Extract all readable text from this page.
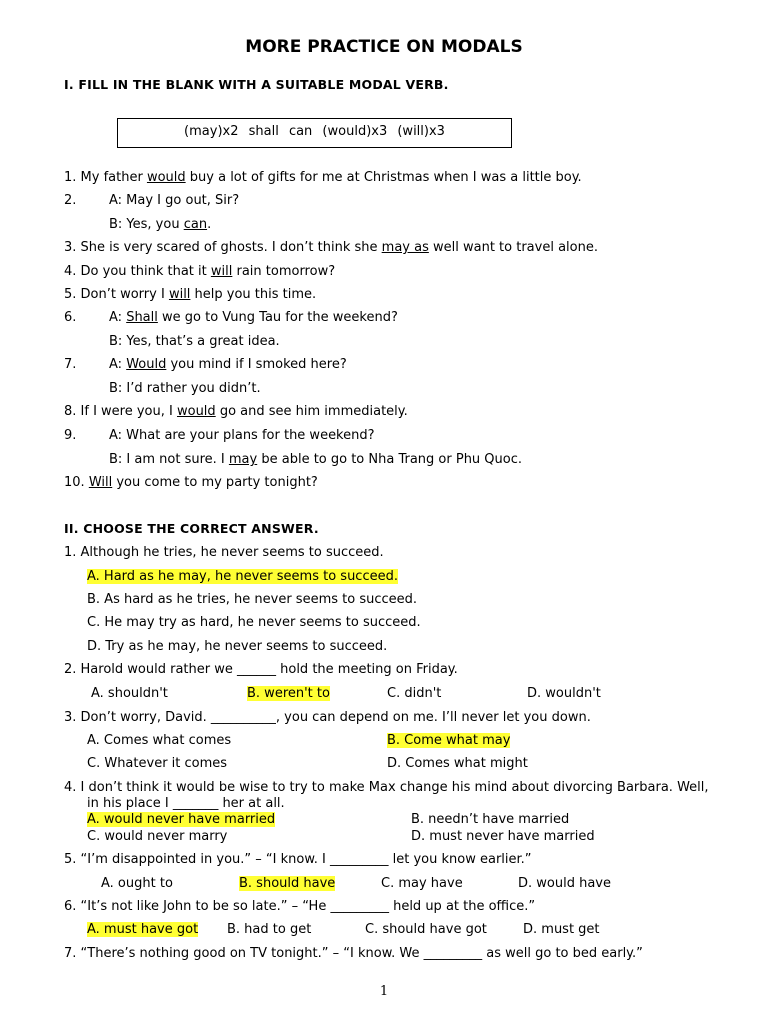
MORE PRACTICE ON MODALS
I. FILL IN THE BLANK WITH A SUITABLE MODAL VERB.
(may)x2 shall can (would)x3 (will)x3
1. My father would buy a lot of gifts for me at Christmas when I was a little boy.
2.	A: May I go out, Sir?
B: Yes, you can.
3. She is very scared of ghosts. I don’t think she may as well want to travel alone.
4. Do you think that it will rain tomorrow?
5. Don’t worry I will help you this time.
6.	A: Shall we go to Vung Tau for the weekend?
B: Yes, that’s a great idea.
7.	A: Would you mind if I smoked here?
B: I’d rather you didn’t.
8. If I were you, I would go and see him immediately.
9.	A: What are your plans for the weekend?
B: I am not sure. I may be able to go to Nha Trang or Phu Quoc.
10. Will you come to my party tonight?
II. CHOOSE THE CORRECT ANSWER.
1. Although he tries, he never seems to succeed.
A. Hard as he may, he never seems to succeed.
B. As hard as he tries, he never seems to succeed.
C. He may try as hard, he never seems to succeed.
D. Try as he may, he never seems to succeed.
2. Harold would rather we ______ hold the meeting on Friday.
A. shouldn't	B. weren't to	C. didn't	D. wouldn't
3. Don’t worry, David. __________, you can depend on me. I’ll never let you down.
A. Comes what comes	B. Come what may
C. Whatever it comes	D. Comes what might
4. I don’t think it would be wise to try to make Max change his mind about divorcing Barbara. Well,
in his place I _______ her at all.
A. would never have married	B. needn’t have married
C. would never marry	D. must never have married
5. “I’m disappointed in you.” – “I know. I _________ let you know earlier.”
A. ought to	B. should have	C. may have	D. would have
6. “It’s not like John to be so late.” – “He _________ held up at the office.”
A. must have got B. had to get	C. should have got	D. must get
7. “There’s nothing good on TV tonight.” – “I know. We _________ as well go to bed early.”
1
